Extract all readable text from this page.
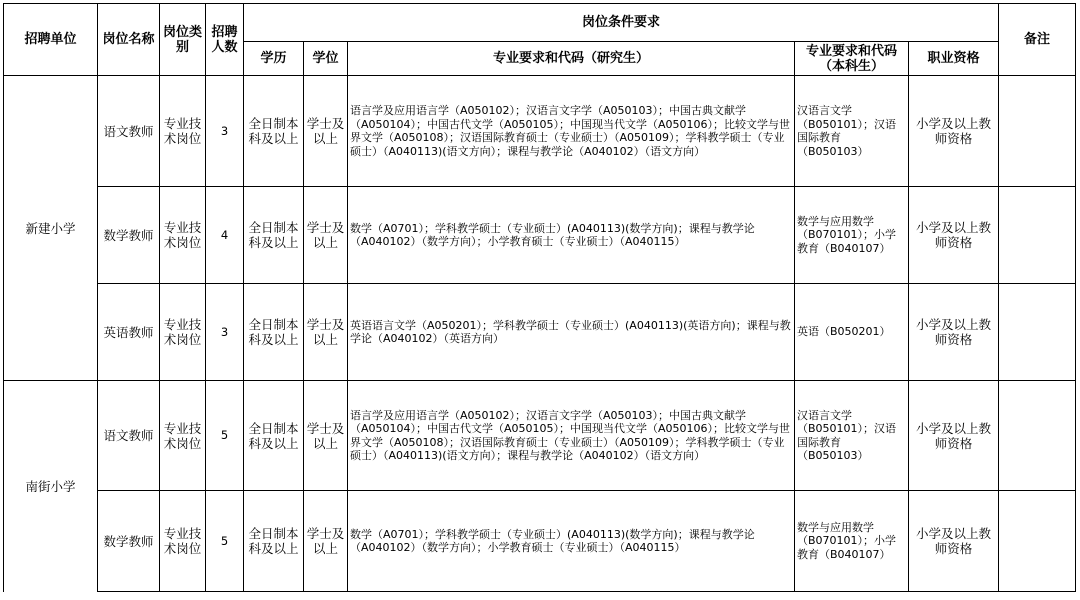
招聘单位	岗位名称	岗位类别	招聘人数	岗位条件要求					备注
				学历	学位	专业要求和代码（研究生）	专业要求和代码（本科生）	职业资格	
新建小学	语文教师	专业技术岗位	3	全日制本科及以上	学士及以上	语言学及应用语言学（A050102）；汉语言文字学（A050103）；中国古典文献学（A050104）；中国古代文学（A050105）；中国现当代文学（A050106）；比较文学与世界文学（A050108）；汉语国际教育硕士（专业硕士）（A050109）；学科教学硕士（专业硕士）（A040113)(语文方向）；课程与教学论（A040102）（语文方向）	汉语言文学（B050101）；汉语国际教育（B050103）	小学及以上教师资格	
	数学教师	专业技术岗位	4	全日制本科及以上	学士及以上	数学（A0701）；学科教学硕士（专业硕士）(A040113)(数学方向)；课程与教学论（A040102）（数学方向）；小学教育硕士（专业硕士）（A040115）	数学与应用数学（B070101）；小学教育（B040107）	小学及以上教师资格	
	英语教师	专业技术岗位	3	全日制本科及以上	学士及以上	英语语言文学（A050201）；学科教学硕士（专业硕士）(A040113)(英语方向)；课程与教学论（A040102）（英语方向）	英语（B050201）	小学及以上教师资格	
南街小学	语文教师	专业技术岗位	5	全日制本科及以上	学士及以上	语言学及应用语言学（A050102）；汉语言文字学（A050103）；中国古典文献学（A050104）；中国古代文学（A050105）；中国现当代文学（A050106）；比较文学与世界文学（A050108）；汉语国际教育硕士（专业硕士）（A050109）；学科教学硕士（专业硕士）（A040113)(语文方向）；课程与教学论（A040102）（语文方向）	汉语言文学（B050101）；汉语国际教育（B050103）	小学及以上教师资格	
	数学教师	专业技术岗位	5	全日制本科及以上	学士及以上	数学（A0701）；学科教学硕士（专业硕士）(A040113)(数学方向)；课程与教学论（A040102）（数学方向）；小学教育硕士（专业硕士）（A040115）	数学与应用数学（B070101）；小学教育（B040107）	小学及以上教师资格	
